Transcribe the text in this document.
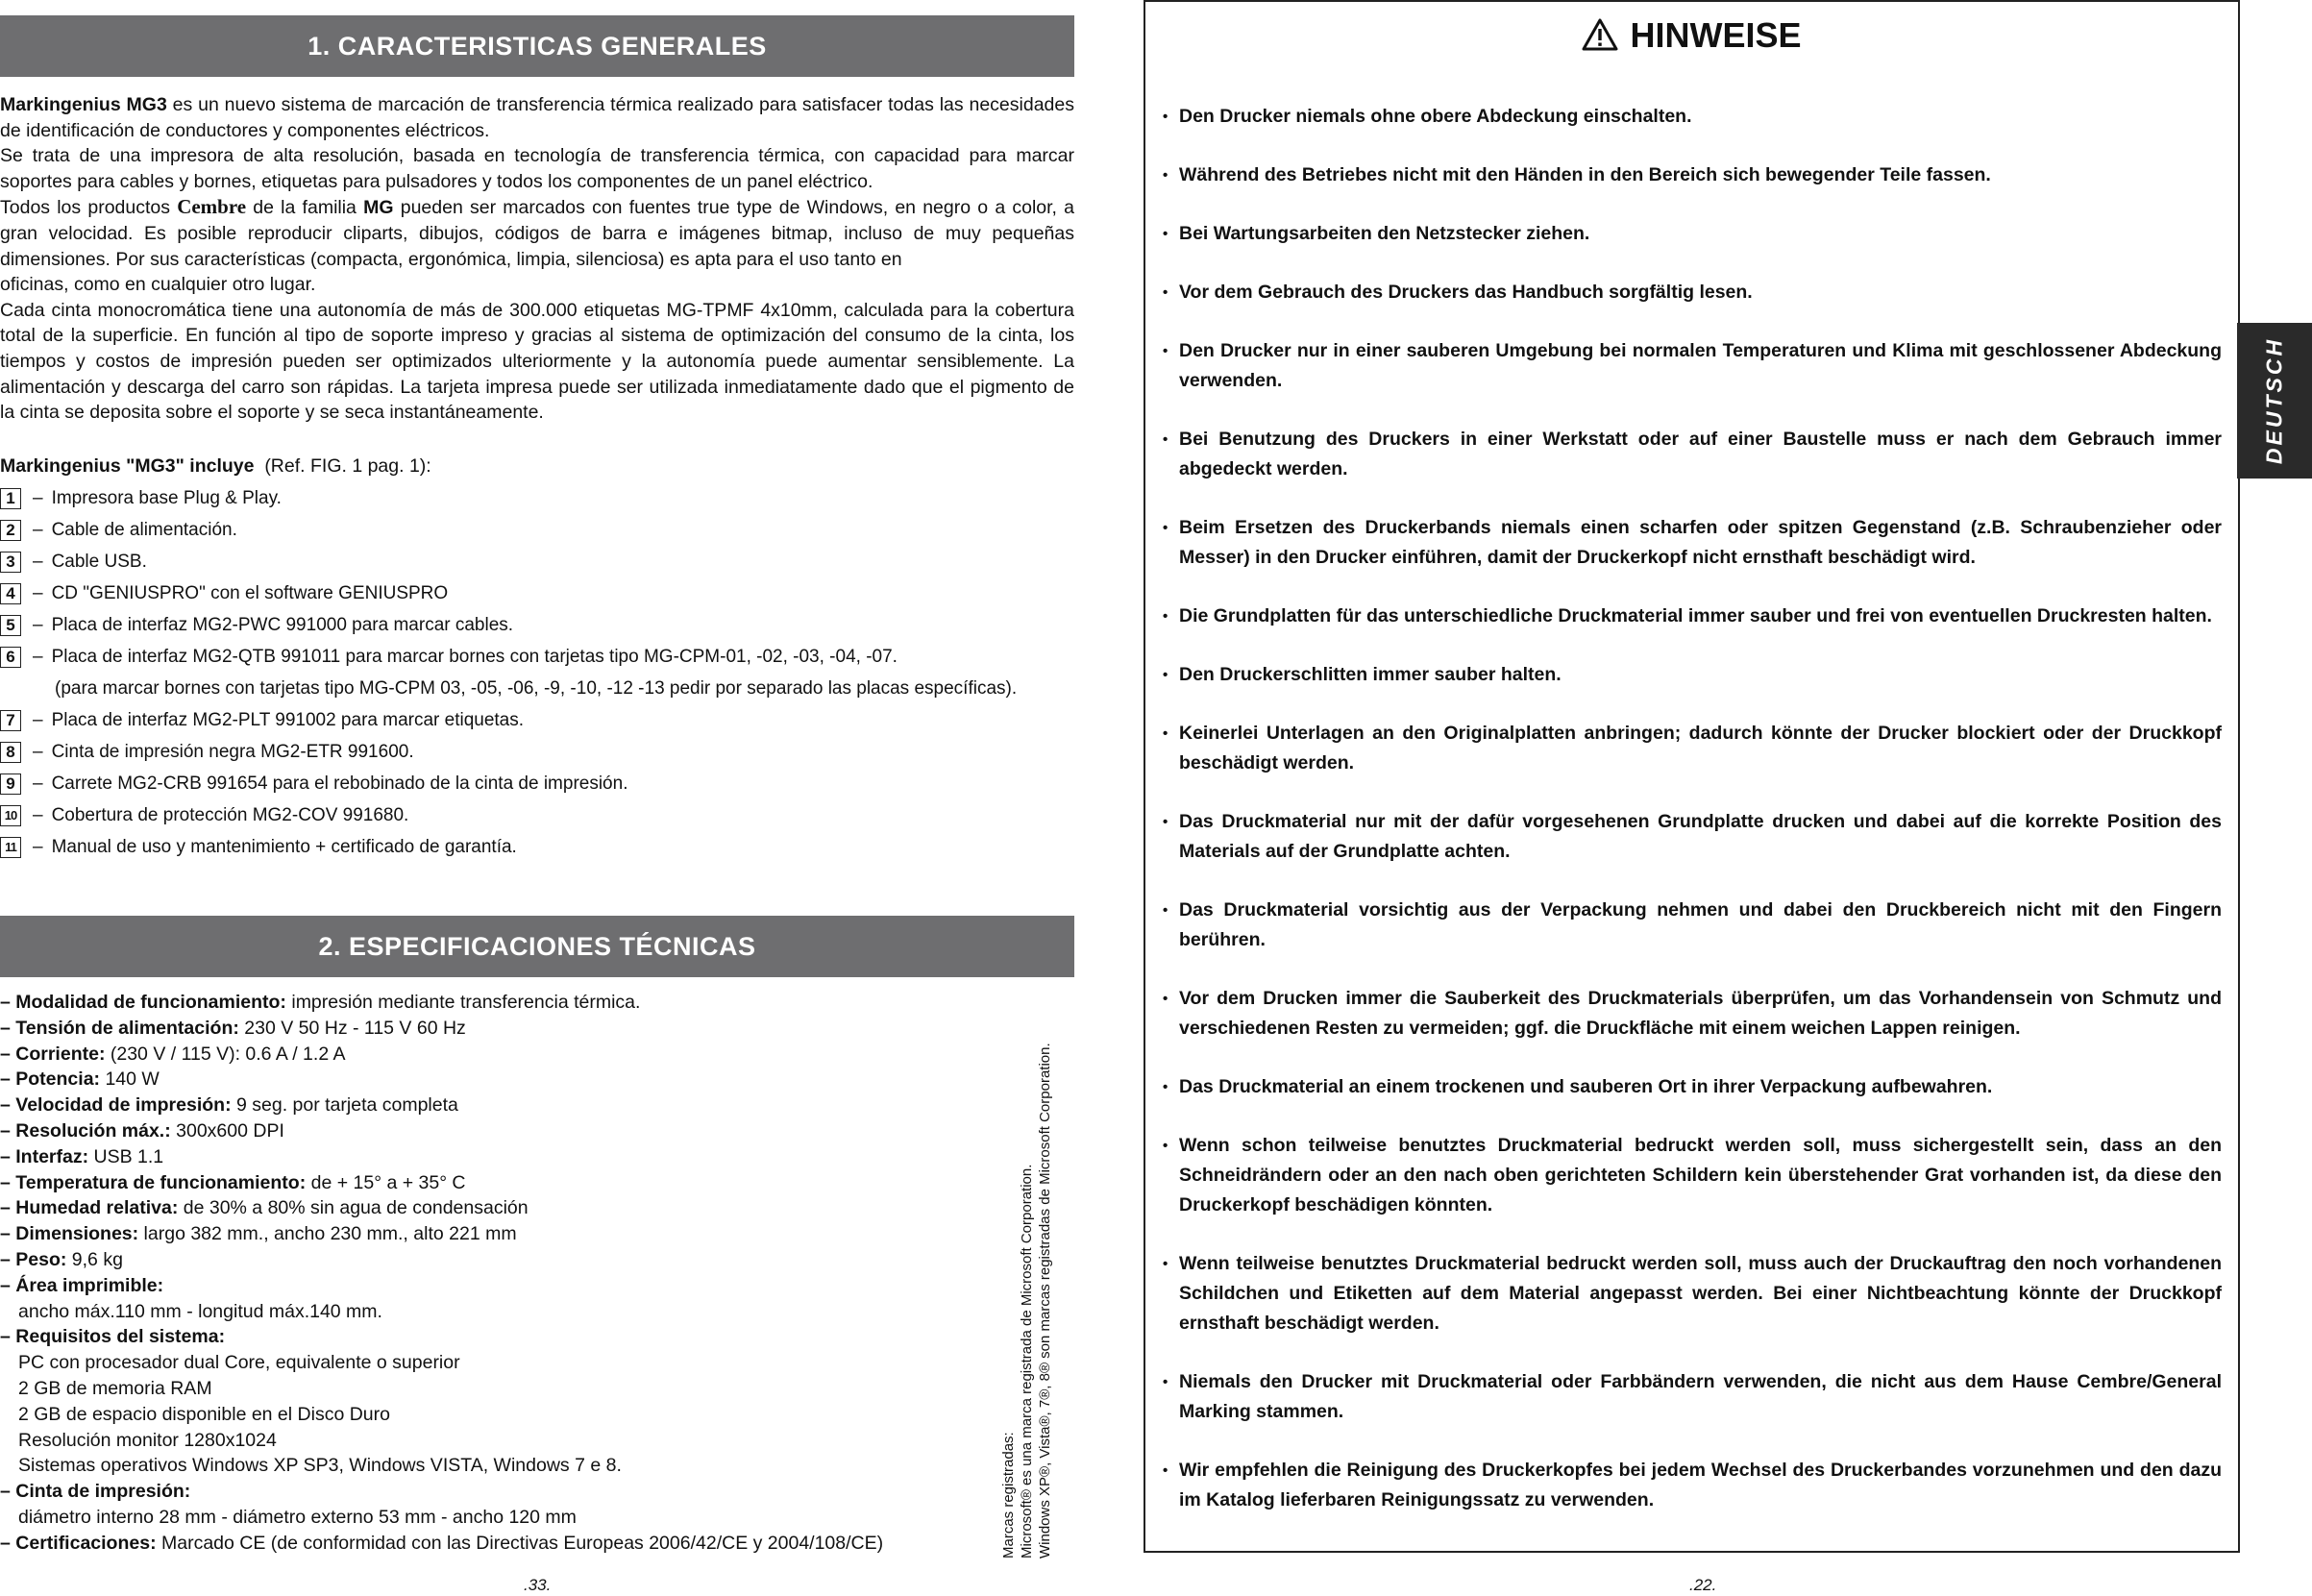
1. CARACTERISTICAS GENERALES

Markingenius MG3 es un nuevo sistema de marcación de transferencia térmica realizado para satisfacer todas las necesidades de identificación de conductores y componentes eléctricos.

Se trata de una impresora de alta resolución, basada en tecnología de transferencia térmica, con capacidad para marcar soportes para cables y bornes, etiquetas para pulsadores y todos los componentes de un panel eléctrico.

Todos los productos Cembre de la familia MG pueden ser marcados con fuentes true type de Windows, en negro o a color, a gran velocidad. Es posible reproducir cliparts, dibujos, códigos de barra e imágenes bitmap, incluso de muy pequeñas dimensiones. Por sus características (compacta, ergonómica, limpia, silenciosa) es apta para el uso tanto en

oficinas, como en cualquier otro lugar.

Cada cinta monocromática tiene una autonomía de más de 300.000 etiquetas MG-TPMF 4x10mm, calculada para la cobertura total de la superficie. En función al tipo de soporte impreso y gracias al sistema de optimización del consumo de la cinta, los tiempos y costos de impresión pueden ser optimizados ulteriormente y la autonomía puede aumentar sensiblemente. La alimentación y descarga del carro son rápidas. La tarjeta impresa puede ser utilizada inmediatamente dado que el pigmento de la cinta se deposita sobre el soporte y se seca instantáneamente.

Markingenius "MG3" incluye (Ref. FIG. 1 pag. 1):
1 – Impresora base Plug & Play.
2 – Cable de alimentación.
3 – Cable USB.
4 – CD "GENIUSPRO" con el software GENIUSPRO
5 – Placa de interfaz MG2-PWC 991000 para marcar cables.
6 – Placa de interfaz MG2-QTB 991011 para marcar bornes con tarjetas tipo MG-CPM-01, -02, -03, -04, -07.
(para marcar bornes con tarjetas tipo MG-CPM 03, -05, -06, -9, -10, -12 -13 pedir por separado las placas específicas).
7 – Placa de interfaz MG2-PLT 991002 para marcar etiquetas.
8 – Cinta de impresión negra MG2-ETR 991600.
9 – Carrete MG2-CRB 991654 para el rebobinado de la cinta de impresión.
10 – Cobertura de protección MG2-COV 991680.
11 – Manual de uso y mantenimiento + certificado de garantía.
2. ESPECIFICACIONES TÉCNICAS
– Modalidad de funcionamiento: impresión mediante transferencia térmica.
– Tensión de alimentación: 230 V 50 Hz - 115 V 60 Hz
– Corriente: (230 V / 115 V): 0.6 A / 1.2 A
– Potencia: 140 W
– Velocidad de impresión: 9 seg. por tarjeta completa
– Resolución máx.: 300x600 DPI
– Interfaz: USB 1.1
– Temperatura de funcionamiento: de + 15° a + 35° C
– Humedad relativa: de 30% a 80% sin agua de condensación
– Dimensiones: largo 382 mm., ancho 230 mm., alto 221 mm
– Peso: 9,6 kg
– Área imprimible:
ancho máx.110 mm - longitud máx.140 mm.
– Requisitos del sistema:
PC con procesador dual Core, equivalente o superior
2 GB de memoria RAM
2 GB de espacio disponible en el Disco Duro
Resolución monitor 1280x1024
Sistemas operativos Windows XP SP3, Windows VISTA, Windows 7 e 8.
– Cinta de impresión:
diámetro interno 28 mm - diámetro externo 53 mm - ancho 120 mm
– Certificaciones: Marcado CE (de conformidad con las Directivas Europeas 2006/42/CE y 2004/108/CE)	Marcas registradas: Microsoft® es una marca registrada de Microsoft Corporation. Windows XP®, Vista®, 7®, 8® son marcas registradas de Microsoft Corporation.
.33.
HINWEISE
• Den Drucker niemals ohne obere Abdeckung einschalten.
• Während des Betriebes nicht mit den Händen in den Bereich sich bewegender Teile fassen.
• Bei Wartungsarbeiten den Netzstecker ziehen.
• Vor dem Gebrauch des Druckers das Handbuch sorgfältig lesen.
• Den Drucker nur in einer sauberen Umgebung bei normalen Temperaturen und Klima mit geschlossener Abdeckung verwenden.
• Bei Benutzung des Druckers in einer Werkstatt oder auf einer Baustelle muss er nach dem Gebrauch immer abgedeckt werden.
• Beim Ersetzen des Druckerbands niemals einen scharfen oder spitzen Gegenstand (z.B. Schraubenzieher oder Messer) in den Drucker einführen, damit der Druckerkopf nicht ernsthaft beschädigt wird.
• Die Grundplatten für das unterschiedliche Druckmaterial immer sauber und frei von eventuellen Druckresten halten.
• Den Druckerschlitten immer sauber halten.
• Keinerlei Unterlagen an den Originalplatten anbringen; dadurch könnte der Drucker blockiert oder der Druckkopf beschädigt werden.
• Das Druckmaterial nur mit der dafür vorgesehenen Grundplatte drucken und dabei auf die korrekte Position des Materials auf der Grundplatte achten.
• Das Druckmaterial vorsichtig aus der Verpackung nehmen und dabei den Druckbereich nicht mit den Fingern berühren.
• Vor dem Drucken immer die Sauberkeit des Druckmaterials überprüfen, um das Vorhandensein von Schmutz und verschiedenen Resten zu vermeiden; ggf. die Druckfläche mit einem weichen Lappen reinigen.
• Das Druckmaterial an einem trockenen und sauberen Ort in ihrer Verpackung aufbewahren.
• Wenn schon teilweise benutztes Druckmaterial bedruckt werden soll, muss sichergestellt sein, dass an den Schneidrändern oder an den nach oben gerichteten Schildern kein überstehender Grat vorhanden ist, da diese den Druckerkopf beschädigen könnten.
• Wenn teilweise benutztes Druckmaterial bedruckt werden soll, muss auch der Druckauftrag den noch vorhandenen Schildchen und Etiketten auf dem Material angepasst werden. Bei einer Nichtbeachtung könnte der Druckkopf ernsthaft beschädigt werden.
• Niemals den Drucker mit Druckmaterial oder Farbbändern verwenden, die nicht aus dem Hause Cembre/General Marking stammen.
• Wir empfehlen die Reinigung des Druckerkopfes bei jedem Wechsel des Druckerbandes vorzunehmen und den dazu im Katalog lieferbaren Reinigungssatz zu verwenden.
DEUTSCH
.22.
